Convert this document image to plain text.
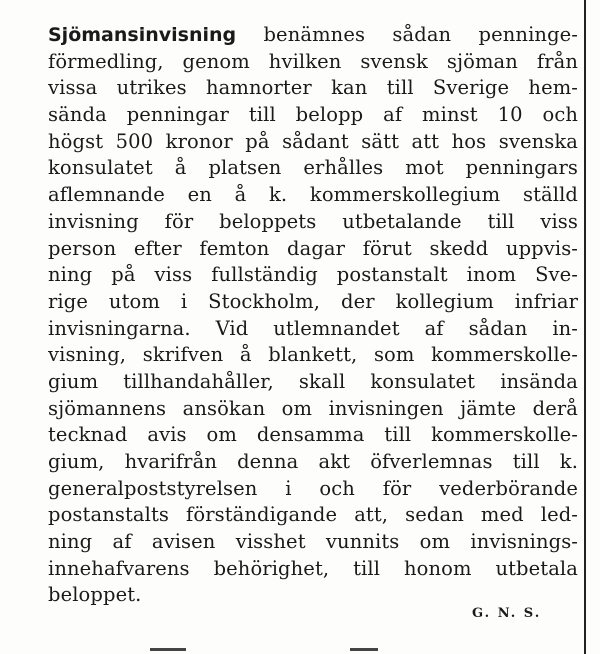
Sjömansinvisning benämnes sådan penninge-
förmedling, genom hvilken svensk sjöman från
vissa utrikes hamnorter kan till Sverige hem-
sända penningar till belopp af minst 10 och
högst 500 kronor på sådant sätt att hos svenska
konsulatet å platsen erhålles mot penningars
aflemnande en å k. kommerskollegium ställd
invisning för beloppets utbetalande till viss
person efter femton dagar förut skedd uppvis-
ning på viss fullständig postanstalt inom Sve-
rige utom i Stockholm, der kollegium infriar
invisningarna. Vid utlemnandet af sådan in-
visning, skrifven å blankett, som kommerskolle-
gium tillhandahåller, skall konsulatet insända
sjömannens ansökan om invisningen jämte derå
tecknad avis om densamma till kommerskolle-
gium, hvarifrån denna akt öfverlemnas till k.
generalpoststyrelsen i och för vederbörande
postanstalts förständigande att, sedan med led-
ning af avisen visshet vunnits om invisnings-
innehafvarens behörighet, till honom utbetala
beloppet.
G. N. S.
